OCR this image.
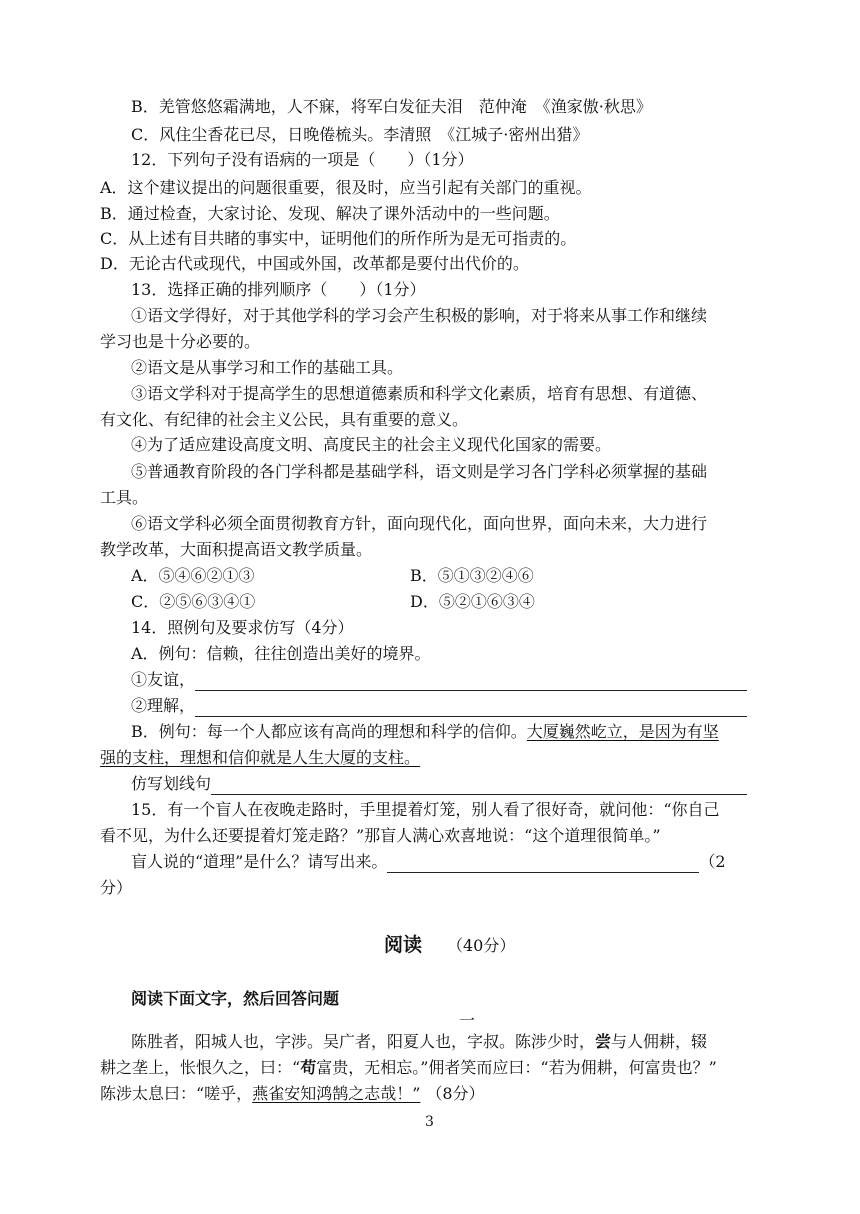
B．羌管悠悠霜满地，人不寐，将军白发征夫泪　范仲淹　《渔家傲·秋思》
C．风住尘香花已尽，日晚倦梳头。李清照　《江城子·密州出猎》
12．下列句子没有语病的一项是（　　）（1分）
A．这个建议提出的问题很重要，很及时，应当引起有关部门的重视。
B．通过检查，大家讨论、发现、解决了课外活动中的一些问题。
C．从上述有目共睹的事实中，证明他们的所作所为是无可指责的。
D．无论古代或现代，中国或外国，改革都是要付出代价的。
13．选择正确的排列顺序（　　）（1分）
①语文学得好，对于其他学科的学习会产生积极的影响，对于将来从事工作和继续
学习也是十分必要的。
②语文是从事学习和工作的基础工具。
③语文学科对于提高学生的思想道德素质和科学文化素质，培育有思想、有道德、
有文化、有纪律的社会主义公民，具有重要的意义。
④为了适应建设高度文明、高度民主的社会主义现代化国家的需要。
⑤普通教育阶段的各门学科都是基础学科，语文则是学习各门学科必须掌握的基础
工具。
⑥语文学科必须全面贯彻教育方针，面向现代化，面向世界，面向未来，大力进行
教学改革，大面积提高语文教学质量。
A．⑤④⑥②①③	B．⑤①③②④⑥
C．②⑤⑥③④①	D．⑤②①⑥③④
14．照例句及要求仿写（4分）
A．例句：信赖，往往创造出美好的境界。
①友谊，
②理解，
B．例句：每一个人都应该有高尚的理想和科学的信仰。大厦巍然屹立，是因为有坚
强的支柱，理想和信仰就是人生大厦的支柱。
仿写划线句
15．有一个盲人在夜晚走路时，手里提着灯笼，别人看了很好奇，就问他：“你自己
看不见，为什么还要提着灯笼走路？”那盲人满心欢喜地说：“这个道理很简单。”
盲人说的“道理”是什么？请写出来。	（2
分）
阅读 （40分）
阅读下面文字，然后回答问题
一
陈胜者，阳城人也，字涉。吴广者，阳夏人也，字叔。陈涉少时，尝与人佣耕，辍
耕之垄上，怅恨久之，曰：“苟富贵，无相忘。”佣者笑而应曰：“若为佣耕，何富贵也？”
陈涉太息曰：“嗟乎，燕雀安知鸿鹄之志哉！” （8分）
3
